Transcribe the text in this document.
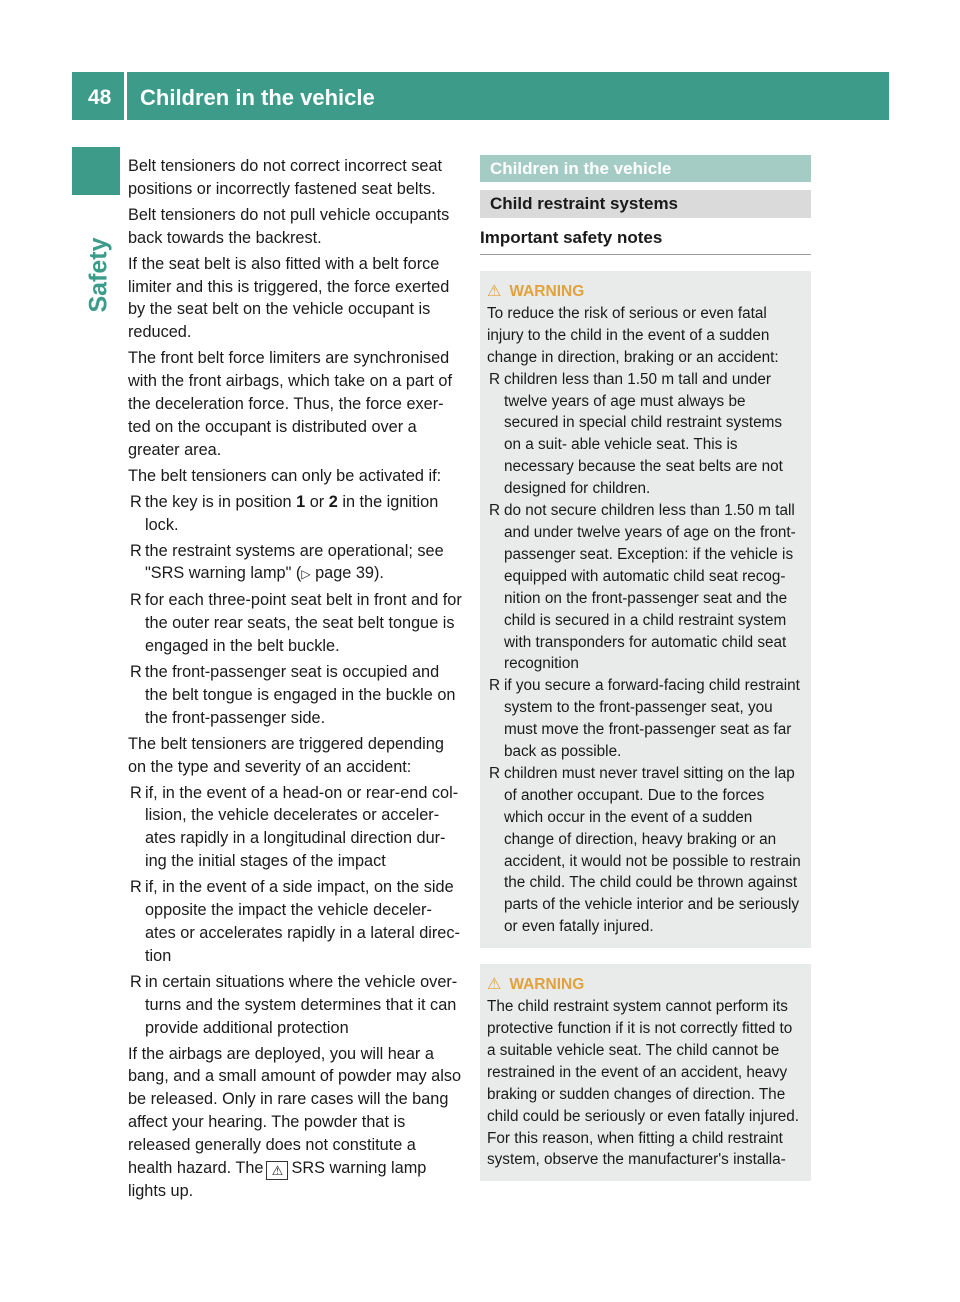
48 Children in the vehicle
Safety

Belt tensioners do not correct incorrect seat positions or incorrectly fastened seat belts.

Belt tensioners do not pull vehicle occupants back towards the backrest.

If the seat belt is also fitted with a belt force limiter and this is triggered, the force exerted by the seat belt on the vehicle occupant is reduced.

The front belt force limiters are synchronised with the front airbags, which take on a part of the deceleration force. Thus, the force exer- ted on the occupant is distributed over a greater area.

The belt tensioners can only be activated if:

R the key is in position 1 or 2 in the ignition lock.
R the restraint systems are operational; see "SRS warning lamp" (▷ page 39).
R for each three-point seat belt in front and for the outer rear seats, the seat belt tongue is engaged in the belt buckle.
R the front-passenger seat is occupied and the belt tongue is engaged in the buckle on the front-passenger side.

The belt tensioners are triggered depending on the type and severity of an accident:

R if, in the event of a head-on or rear-end col- lision, the vehicle decelerates or acceler- ates rapidly in a longitudinal direction dur- ing the initial stages of the impact
R if, in the event of a side impact, on the side opposite the impact the vehicle deceler- ates or accelerates rapidly in a lateral direc- tion
R in certain situations where the vehicle over- turns and the system determines that it can provide additional protection

If the airbags are deployed, you will hear a bang, and a small amount of powder may also be released. Only in rare cases will the bang affect your hearing. The powder that is released generally does not constitute a health hazard. The ⚠ SRS warning lamp lights up.

Children in the vehicle
Child restraint systems
Important safety notes
⚠ WARNING

To reduce the risk of serious or even fatal injury to the child in the event of a sudden change in direction, braking or an accident:

R children less than 1.50 m tall and under twelve years of age must always be secured in special child restraint systems on a suit- able vehicle seat. This is necessary because the seat belts are not designed for children.
R do not secure children less than 1.50 m tall and under twelve years of age on the front- passenger seat. Exception: if the vehicle is equipped with automatic child seat recog- nition on the front-passenger seat and the child is secured in a child restraint system with transponders for automatic child seat recognition
R if you secure a forward-facing child restraint system to the front-passenger seat, you must move the front-passenger seat as far back as possible.
R children must never travel sitting on the lap of another occupant. Due to the forces which occur in the event of a sudden change of direction, heavy braking or an accident, it would not be possible to restrain the child. The child could be thrown against parts of the vehicle interior and be seriously or even fatally injured.
⚠ WARNING

The child restraint system cannot perform its protective function if it is not correctly fitted to a suitable vehicle seat. The child cannot be restrained in the event of an accident, heavy braking or sudden changes of direction. The child could be seriously or even fatally injured. For this reason, when fitting a child restraint system, observe the manufacturer's installa-
